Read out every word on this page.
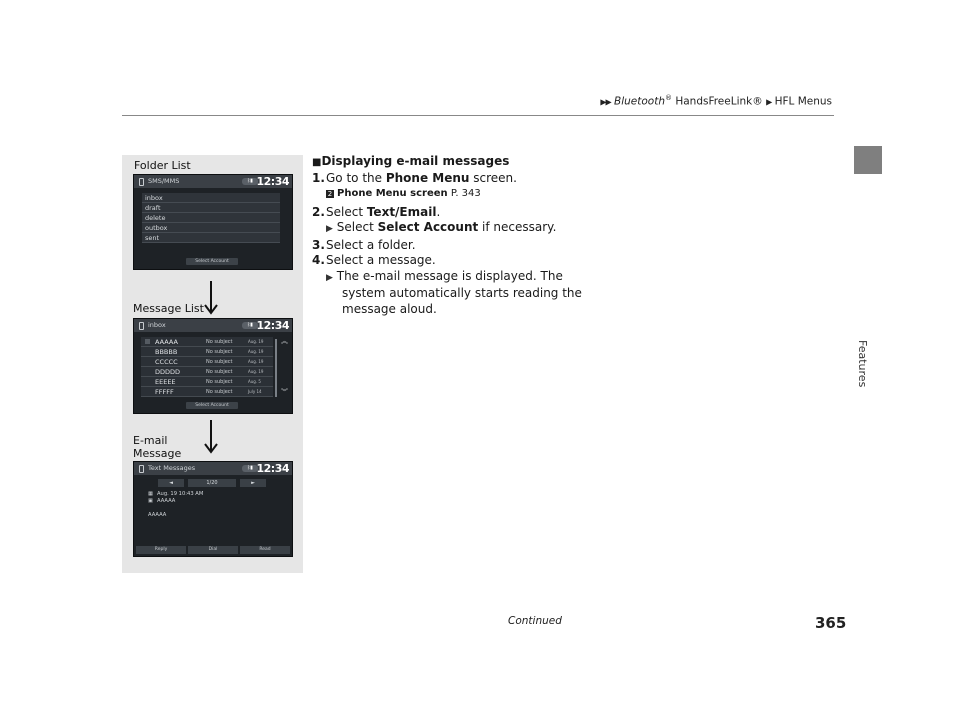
▶▶ Bluetooth® HandsFreeLink® ▶ HFL Menus
Features
Folder List
Message List
E-mail
Message
SMS/MMS	ᛒ▮ 12:34
inbox
draft
delete
outbox
sent
Select Account
inbox	ᛒ▮ 12:34
AAAAA	No subject	Aug. 19
BBBBB	No subject	Aug. 19
CCCCC	No subject	Aug. 19
DDDDD	No subject	Aug. 19
EEEEE	No subject	Aug. 5
FFFFF	No subject	July 14
︽
︾
Select Account
Text Messages	ᛒ▮ 12:34
◄	1/20	►
▦ Aug. 19 10:43 AM
▣ AAAAA
AAAAA
Reply	Dial	Read
■Displaying e-mail messages
1.Go to the Phone Menu screen.
2 Phone Menu screen P. 343
2.Select Text/Email.
▶ Select Select Account if necessary.
3.Select a folder.
4.Select a message.
▶ The e-mail message is displayed. The
system automatically starts reading the
message aloud.
Continued	365
